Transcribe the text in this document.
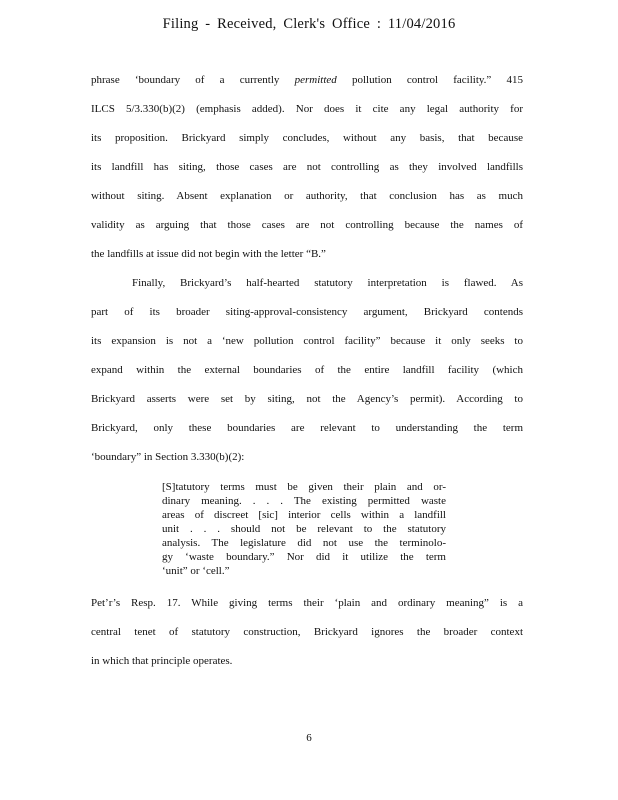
Filing - Received, Clerk's Office : 11/04/2016
phrase ‘boundary of a currently permitted pollution control facility.” 415
ILCS 5/3.330(b)(2) (emphasis added). Nor does it cite any legal authority for
its proposition. Brickyard simply concludes, without any basis, that because
its landfill has siting, those cases are not controlling as they involved landfills
without siting. Absent explanation or authority, that conclusion has as much
validity as arguing that those cases are not controlling because the names of
the landfills at issue did not begin with the letter “B.”
Finally, Brickyard’s half-hearted statutory interpretation is flawed. As
part of its broader siting-approval-consistency argument, Brickyard contends
its expansion is not a ‘new pollution control facility” because it only seeks to
expand within the external boundaries of the entire landfill facility (which
Brickyard asserts were set by siting, not the Agency’s permit). According to
Brickyard, only these boundaries are relevant to understanding the term
‘boundary” in Section 3.330(b)(2):
[S]tatutory terms must be given their plain and or-
dinary meaning. . . . The existing permitted waste
areas of discreet [sic] interior cells within a landfill
unit . . . should not be relevant to the statutory
analysis. The legislature did not use the terminolo-
gy ‘waste boundary.” Nor did it utilize the term
‘unit” or ‘cell.”
Pet’r’s Resp. 17. While giving terms their ‘plain and ordinary meaning” is a
central tenet of statutory construction, Brickyard ignores the broader context
in which that principle operates.
6
